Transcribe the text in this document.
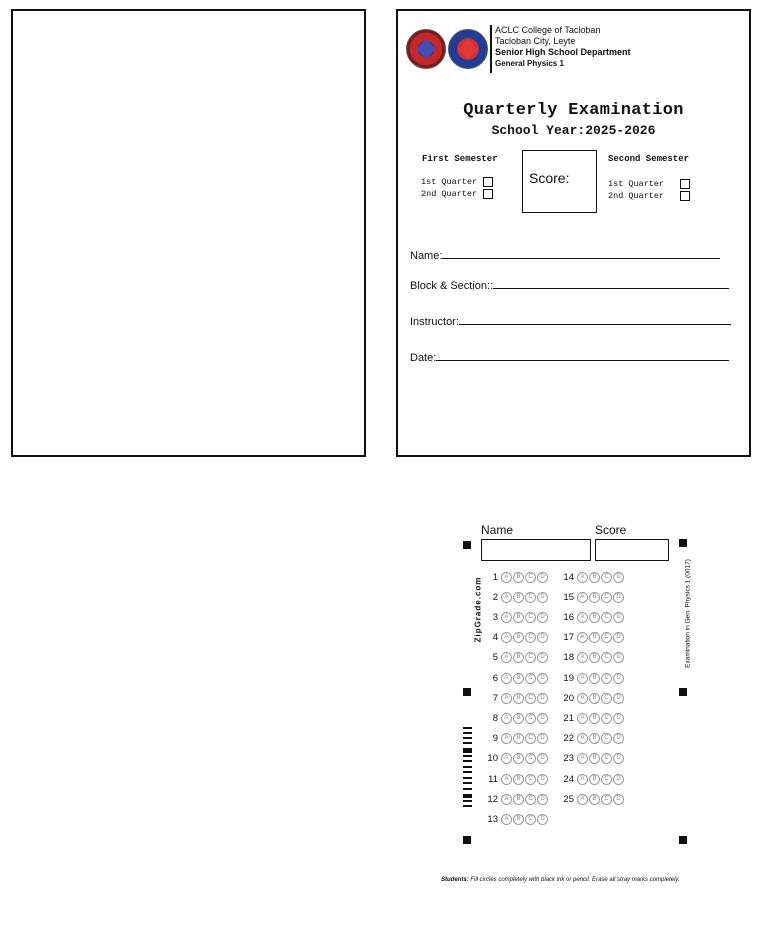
ACLC College of Tacloban
Tacloban City, Leyte
Senior High School Department
General Physics 1
Quarterly Examination
School Year:2025-2026
First Semester	Second Semester
1st Quarter
2nd Quarter
1st Quarter
2nd Quarter
Score:
Name:
Block & Section::
Instructor:
Date:
Name	Score
ZipGrade.com	Examination in Gen. Physics 1 (0017)
1	A	B	C	D
2	A	B	C	D
3	A	B	C	D
4	A	B	C	D
5	A	B	C	D
6	A	B	C	D
7	A	B	C	D
8	A	B	C	D
9	A	B	C	D
10	A	B	C	D
11	A	B	C	D
12	A	B	C	D
13	A	B	C	D
14	A	B	C	D
15	A	B	C	D
16	A	B	C	D
17	A	B	C	D
18	A	B	C	D
19	A	B	C	D
20	A	B	C	D
21	A	B	C	D
22	A	B	C	D
23	A	B	C	D
24	A	B	C	D
25	A	B	C	D
Students: Fill circles completely with black ink or pencil. Erase all stray marks completely.
